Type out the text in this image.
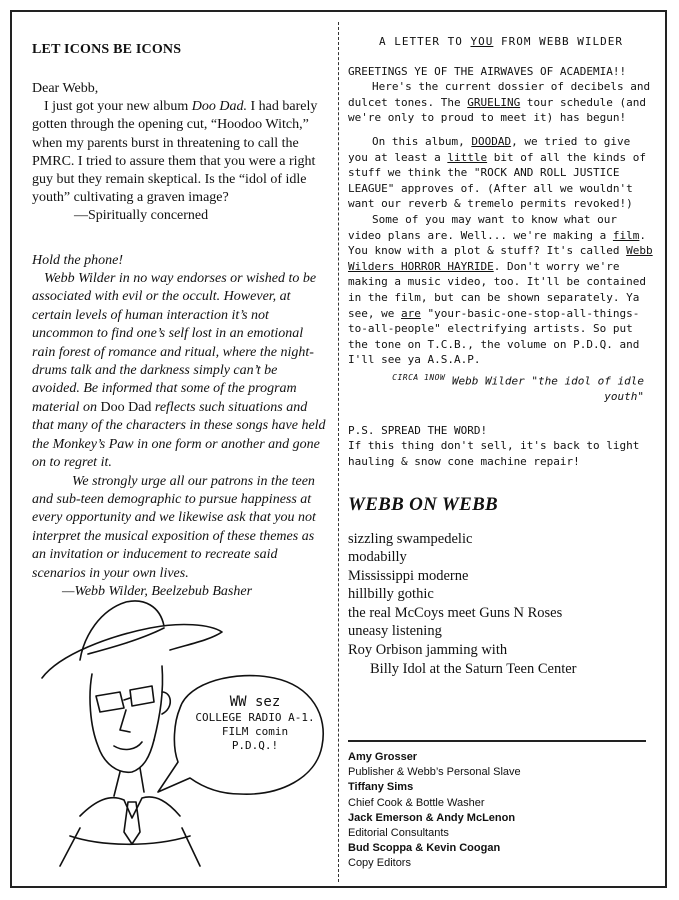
LET ICONS BE ICONS

Dear Webb,

I just got your new album Doo Dad. I had barely gotten through the opening cut, “Hoodoo Witch,” when my parents burst in threatening to call the PMRC. I tried to assure them that you were a right guy but they remain skeptical. Is the “idol of idle youth” cultivating a graven image?

—Spiritually concerned

Hold the phone!

Webb Wilder in no way endorses or wished to be associated with evil or the occult. However, at certain levels of human interaction it’s not uncommon to find one’s self lost in an emotional rain forest of romance and ritual, where the night-drums talk and the darkness simply can’t be avoided. Be informed that some of the program material on Doo Dad reflects such situations and that many of the characters in these songs have held the Monkey’s Paw in one form or another and gone on to regret it.

We strongly urge all our patrons in the teen and sub-teen demographic to pursue happiness at every opportunity and we likewise ask that you not interpret the musical exposition of these themes as an invitation or inducement to recreate said scenarios in your own lives.

—Webb Wilder, Beelzebub Basher

WW sez
COLLEGE RADIO A-1.
FILM comin
P.D.Q.!

A LETTER TO YOU FROM WEBB WILDER

GREETINGS YE OF THE AIRWAVES OF ACADEMIA!!

Here's the current dossier of decibels and dulcet tones. The GRUELING tour schedule (and we're only to proud to meet it) has begun!

On this album, DOODAD, we tried to give you at least a little bit of all the kinds of stuff we think the "ROCK AND ROLL JUSTICE LEAGUE" approves of. (After all we wouldn't want our reverb & tremelo permits revoked!)

Some of you may want to know what our video plans are. Well... we're making a film. You know with a plot & stuff? It's called Webb Wilders HORROR HAYRIDE. Don't worry we're making a music video, too. It'll be contained in the film, but can be shown separately. Ya see, we are "your-basic-one-stop-all-things-to-all-people" electrifying artists. So put the tone on T.C.B., the volume on P.D.Q. and I'll see ya A.S.A.P.

$^{CIRCA 1NOW}$ Webb Wilder "the idol of idle youth"

P.S. SPREAD THE WORD!

If this thing don't sell, it's back to light hauling & snow cone machine repair!

WEBB ON WEBB
sizzling swampedelic
modabilly
Mississippi moderne
hillbilly gothic
the real McCoys meet Guns N Roses
uneasy listening
Roy Orbison jamming with
Billy Idol at the Saturn Teen Center
Amy Grosser
Publisher & Webb’s Personal Slave
Tiffany Sims
Chief Cook & Bottle Washer
Jack Emerson & Andy McLenon
Editorial Consultants
Bud Scoppa & Kevin Coogan
Copy Editors
